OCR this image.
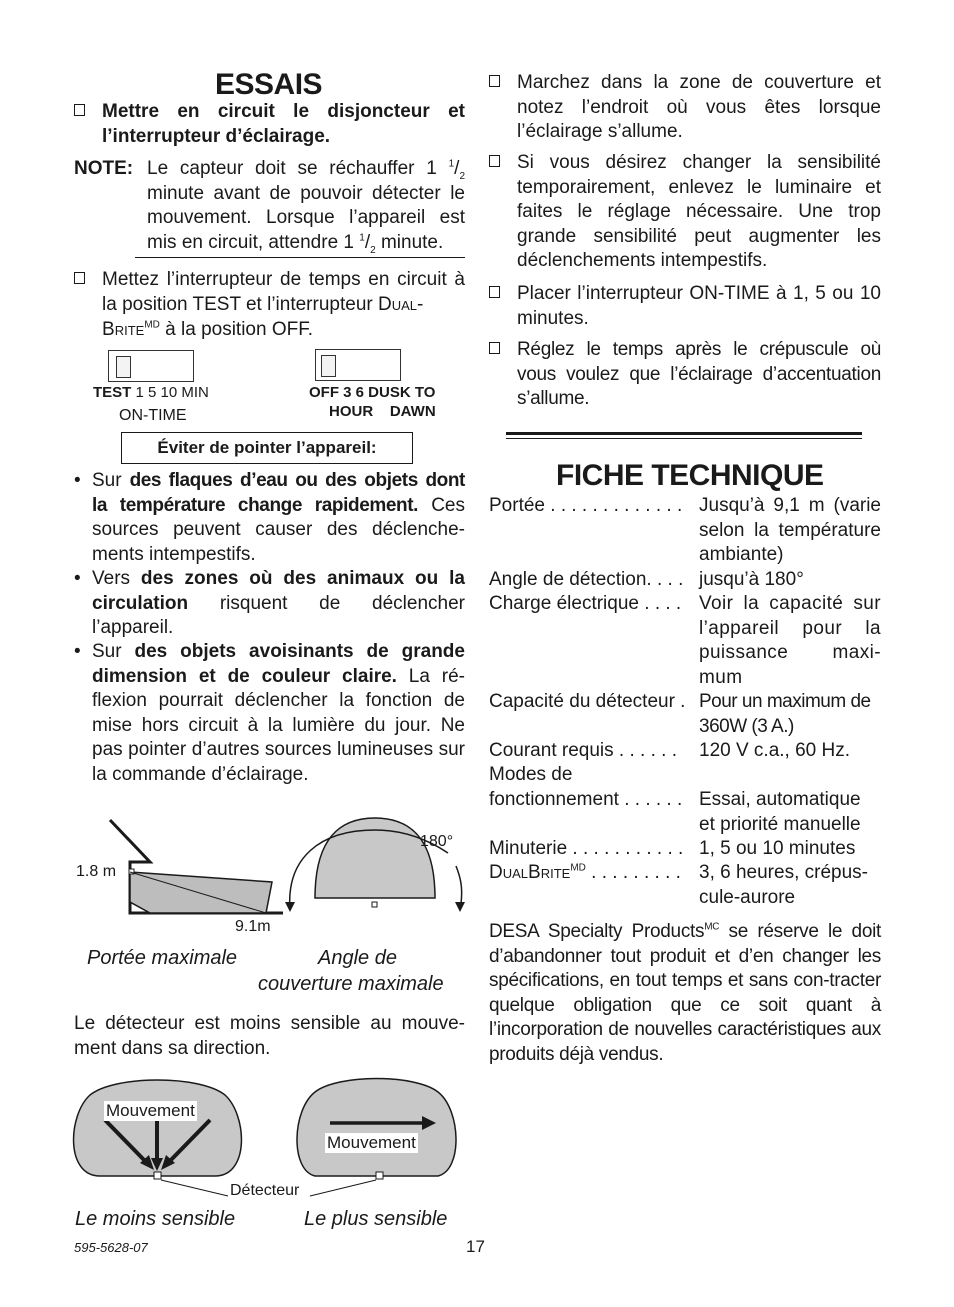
ESSAIS
Mettre en circuit le disjoncteur et l’interrupteur d’éclairage.
NOTE: Le capteur doit se réchauffer 1 $^1/_2$ minute avant de pouvoir détecter le mouvement. Lorsque l’appareil est mis en circuit, attendre 1 $^1/_2$ minute.
Mettez l’interrupteur de temps en circuit à la position TEST et l’interrupteur DUAL-
$BRITE^{MD}$ à la position OFF.
TEST 1 5 10 MIN
ON-TIME
OFF 3 6 DUSK TO
HOUR    DAWN
Éviter de pointer l’appareil:
• Sur des flaques d’eau ou des objets dont la température change rapidement. Ces sources peuvent causer des déclenche-ments intempestifs.
• Vers des zones où des animaux ou la circulation risquent de déclencher l’appareil.
• Sur des objets avoisinants de grande dimension et de couleur claire. La ré-flexion pourrait déclencher la fonction de mise hors circuit à la lumière du jour. Ne pas pointer d’autres sources lumineuses sur la commande d’éclairage.
1.8 m
9.1m
180°
Portée maximale	Angle de
couverture maximale
Le détecteur est moins sensible au mouve-ment dans sa direction.
Mouvement
Mouvement
Détecteur
Le moins sensible	Le plus sensible
595-5628-07	17
Marchez dans la zone de couverture et notez l’endroit où vous êtes lorsque l’éclairage s’allume.
Si vous désirez changer la sensibilité temporairement, enlevez le luminaire et faites le réglage nécessaire. Une trop grande sensibilité peut augmenter les déclenchements intempestifs.
Placer l’interrupteur ON-TIME à 1, 5 ou 10 minutes.
Réglez le temps après le crépuscule où vous voulez que l’éclairage d’accentuation s’allume.
FICHE TECHNIQUE
Portée . . . . . . . . . . . . . Jusqu’à 9,1 m (varie selon la température ambiante)
Angle de détection. . . . jusqu’à 180°
Charge électrique . . . . Voir la capacité sur l’appareil pour la puissance maxi-mum
Capacité du détecteur . Pour un maximum de 360W (3 A.)
Courant requis . . . . . . 120 V c.a., 60 Hz.
Modes de
fonctionnement . . . . . . Essai, automatique et priorité manuelle
Minuterie . . . . . . . . . . . 1, 5 ou 10 minutes
$DUALBRITE^{MD}$ . . . . . . . . . 3, 6 heures, crépus-cule-aurore
DESA Specialty Products$^{MC}$ se réserve le doit d’abandonner tout produit et d’en changer les spécifications, en tout temps et sans con-tracter quelque obligation que ce soit quant à l’incorporation de nouvelles caractéristiques aux produits déjà vendus.
